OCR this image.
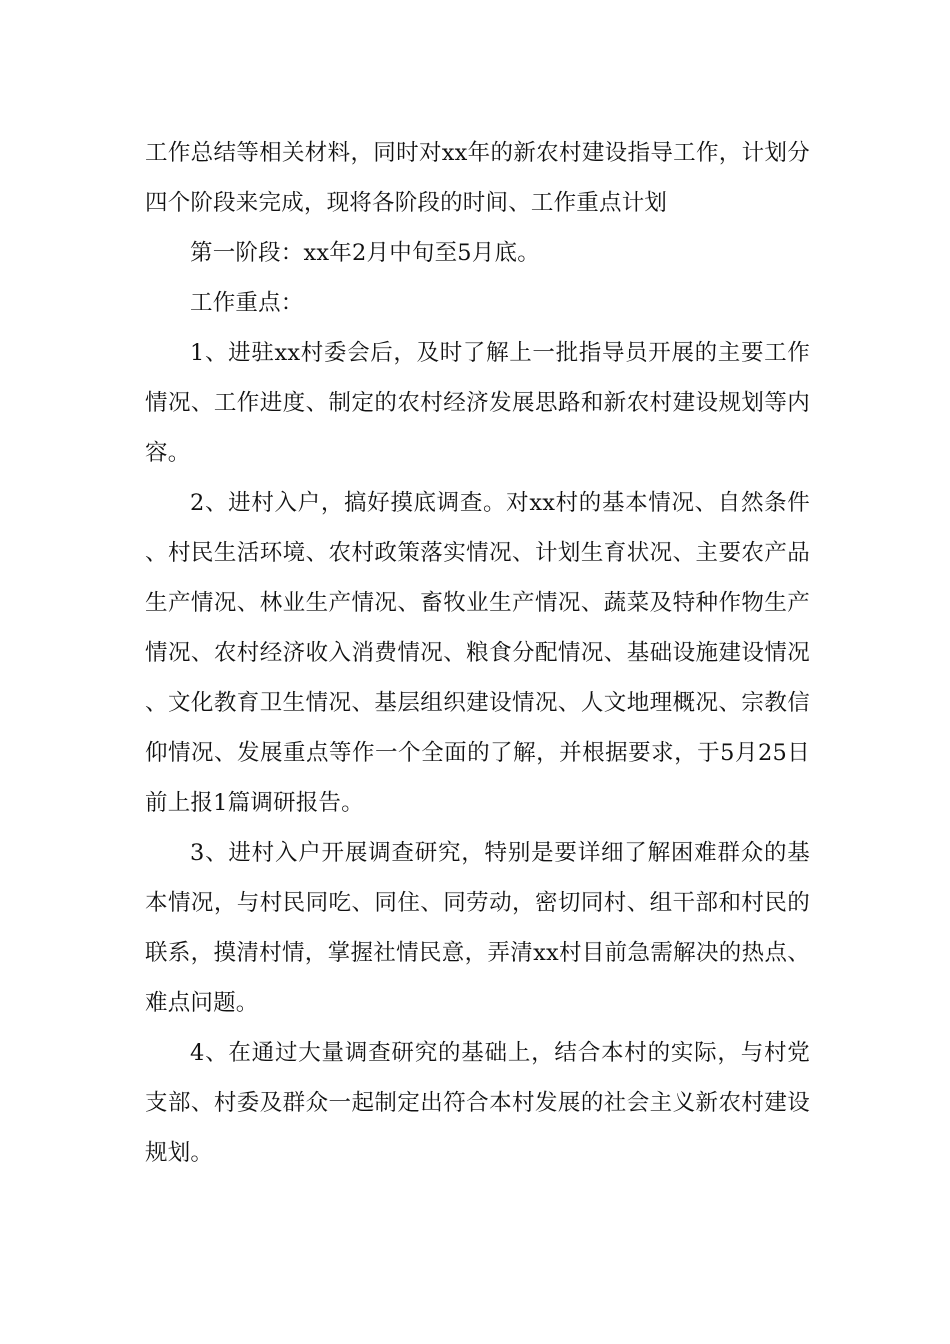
工作总结等相关材料，同时对xx年的新农村建设指导工作，计划分四个阶段来完成，现将各阶段的时间、工作重点计划

第一阶段：xx年2月中旬至5月底。

工作重点：

1、进驻xx村委会后，及时了解上一批指导员开展的主要工作情况、工作进度、制定的农村经济发展思路和新农村建设规划等内容。

2、进村入户，搞好摸底调查。对xx村的基本情况、自然条件、村民生活环境、农村政策落实情况、计划生育状况、主要农产品生产情况、林业生产情况、畜牧业生产情况、蔬菜及特种作物生产情况、农村经济收入消费情况、粮食分配情况、基础设施建设情况、文化教育卫生情况、基层组织建设情况、人文地理概况、宗教信仰情况、发展重点等作一个全面的了解，并根据要求，于5月25日前上报1篇调研报告。

3、进村入户开展调查研究，特别是要详细了解困难群众的基本情况，与村民同吃、同住、同劳动，密切同村、组干部和村民的联系，摸清村情，掌握社情民意，弄清xx村目前急需解决的热点、难点问题。

4、在通过大量调查研究的基础上，结合本村的实际，与村党支部、村委及群众一起制定出符合本村发展的社会主义新农村建设规划。
